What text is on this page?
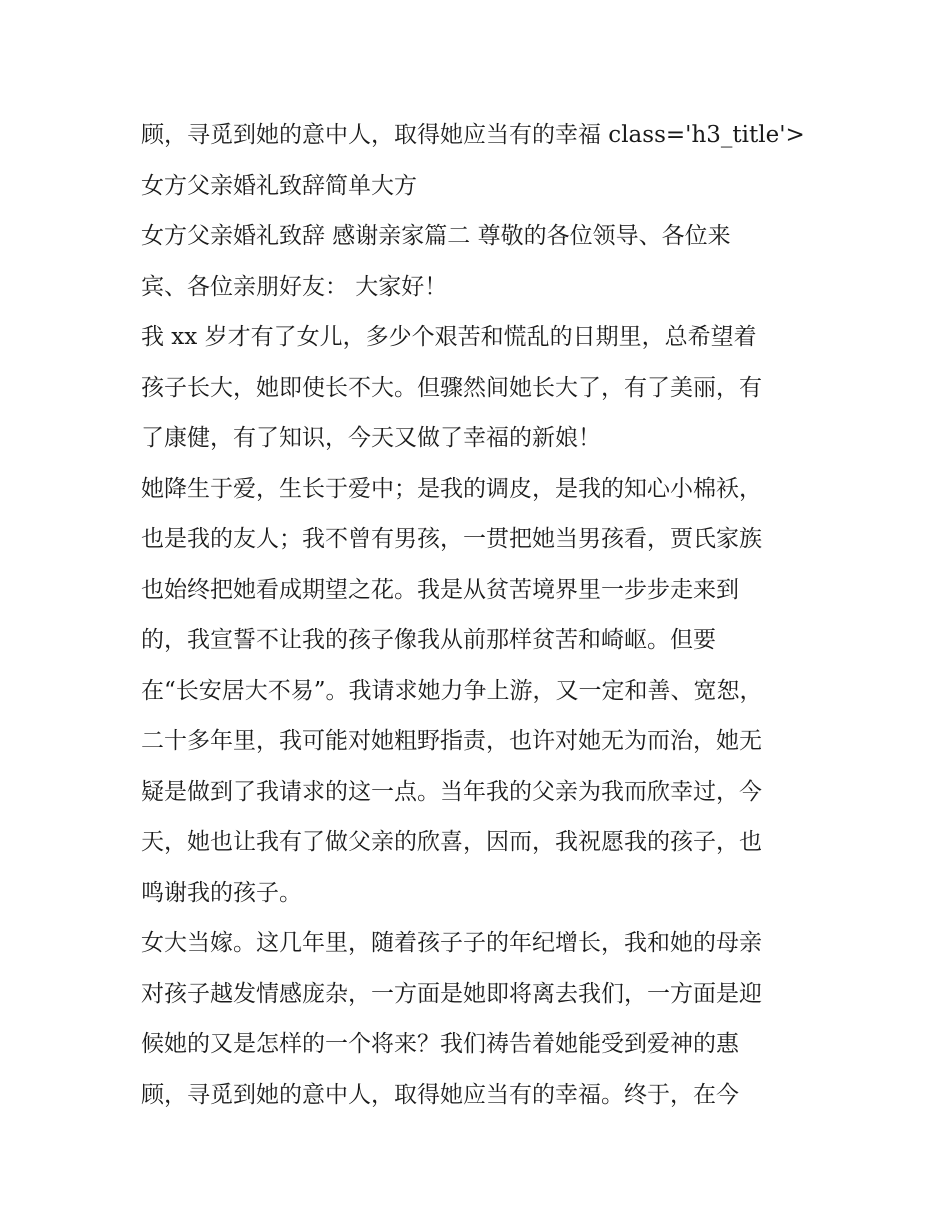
顾，寻觅到她的意中人，取得她应当有的幸福 class='h3_title'>
女方父亲婚礼致辞简单大方
女方父亲婚礼致辞 感谢亲家篇二 尊敬的各位领导、各位来
宾、各位亲朋好友： 大家好！
我 xx 岁才有了女儿，多少个艰苦和慌乱的日期里，总希望着
孩子长大，她即使长不大。但骤然间她长大了，有了美丽，有
了康健，有了知识，今天又做了幸福的新娘！
她降生于爱，生长于爱中；是我的调皮，是我的知心小棉袄，
也是我的友人；我不曾有男孩，一贯把她当男孩看，贾氏家族
也始终把她看成期望之花。我是从贫苦境界里一步步走来到
的，我宣誓不让我的孩子像我从前那样贫苦和崎岖。但要
在“长安居大不易”。我请求她力争上游，又一定和善、宽恕，
二十多年里，我可能对她粗野指责，也许对她无为而治，她无
疑是做到了我请求的这一点。当年我的父亲为我而欣幸过，今
天，她也让我有了做父亲的欣喜，因而，我祝愿我的孩子，也
鸣谢我的孩子。
女大当嫁。这几年里，随着孩子子的年纪增长，我和她的母亲
对孩子越发情感庞杂，一方面是她即将离去我们，一方面是迎
候她的又是怎样的一个将来？我们祷告着她能受到爱神的惠
顾，寻觅到她的意中人，取得她应当有的幸福。终于，在今
